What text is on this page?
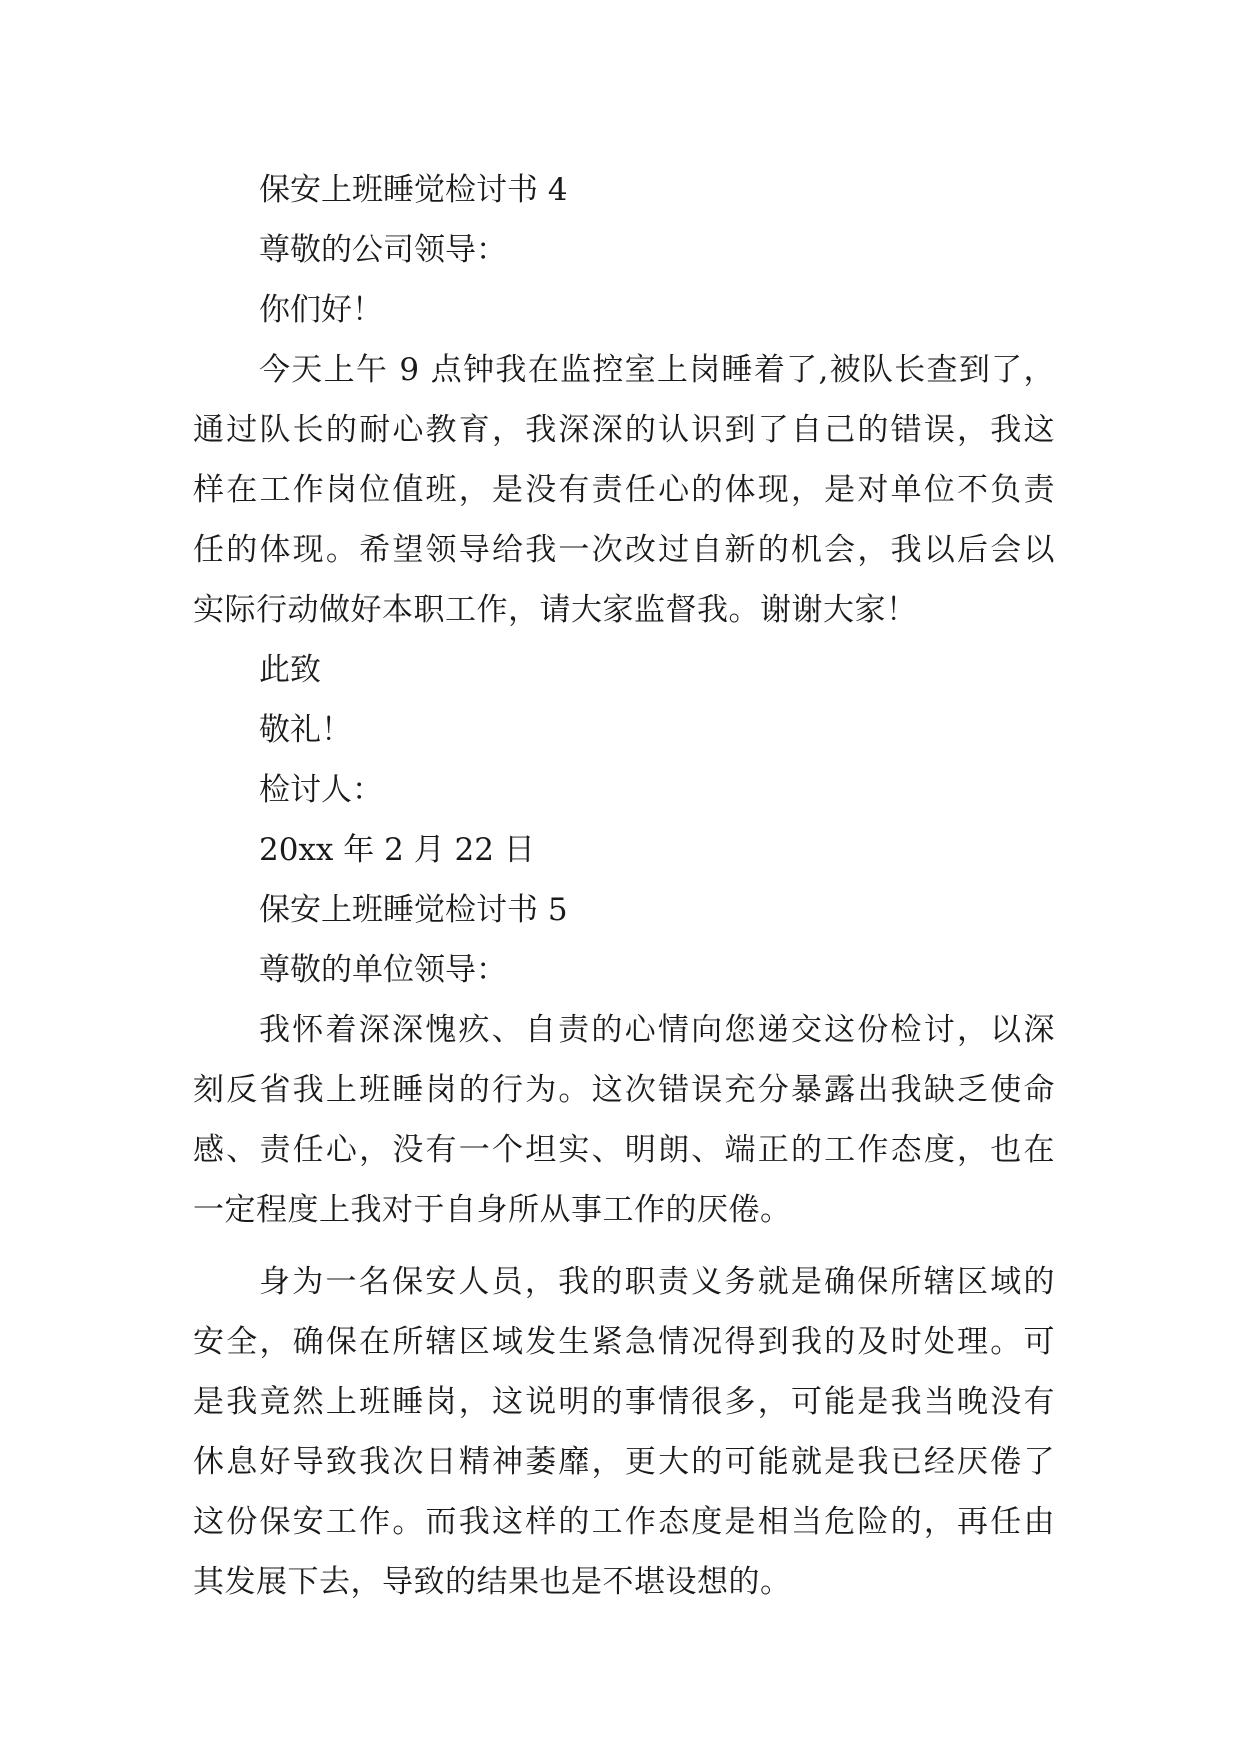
保安上班睡觉检讨书 4

尊敬的公司领导：

你们好！

今天上午 9 点钟我在监控室上岗睡着了,被队长查到了，
通过队长的耐心教育，我深深的认识到了自己的错误，我这
样在工作岗位值班，是没有责任心的体现，是对单位不负责
任的体现。希望领导给我一次改过自新的机会，我以后会以
实际行动做好本职工作，请大家监督我。谢谢大家！

此致

敬礼！

检讨人：

20xx 年 2 月 22 日

保安上班睡觉检讨书 5

尊敬的单位领导：

我怀着深深愧疚、自责的心情向您递交这份检讨，以深
刻反省我上班睡岗的行为。这次错误充分暴露出我缺乏使命
感、责任心，没有一个坦实、明朗、端正的工作态度，也在
一定程度上我对于自身所从事工作的厌倦。
身为一名保安人员，我的职责义务就是确保所辖区域的
安全，确保在所辖区域发生紧急情况得到我的及时处理。可
是我竟然上班睡岗，这说明的事情很多，可能是我当晚没有
休息好导致我次日精神萎靡，更大的可能就是我已经厌倦了
这份保安工作。而我这样的工作态度是相当危险的，再任由
其发展下去，导致的结果也是不堪设想的。
